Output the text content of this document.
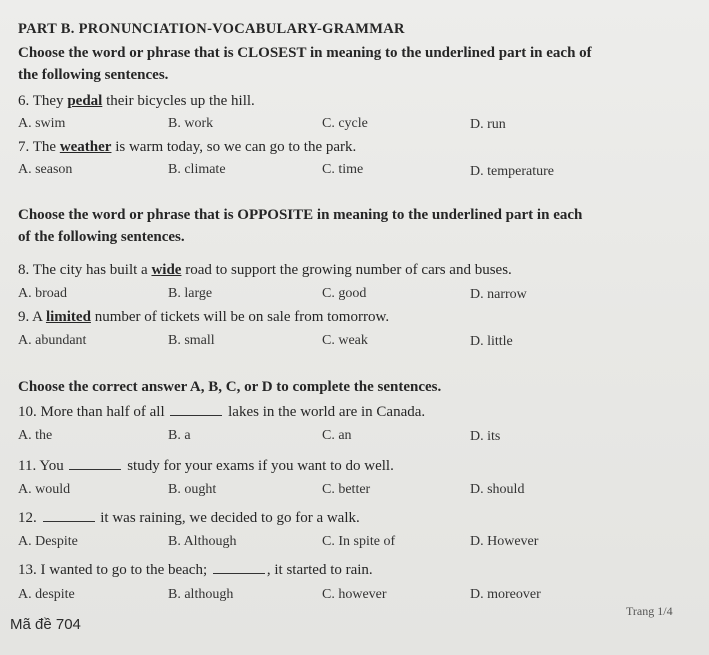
PART B. PRONUNCIATION-VOCABULARY-GRAMMAR
Choose the word or phrase that is CLOSEST in meaning to the underlined part in each of
the following sentences.
6. They pedal their bicycles up the hill.
A. swim	B. work	C. cycle	D. run
7. The weather is warm today, so we can go to the park.
A. season	B. climate	C. time	D. temperature
Choose the word or phrase that is OPPOSITE in meaning to the underlined part in each
of the following sentences.
8. The city has built a wide road to support the growing number of cars and buses.
A. broad	B. large	C. good	D. narrow
9. A limited number of tickets will be on sale from tomorrow.
A. abundant	B. small	C. weak	D. little
Choose the correct answer A, B, C, or D to complete the sentences.
10. More than half of all	lakes in the world are in Canada.
A. the	B. a	C. an	D. its
11. You	study for your exams if you want to do well.
A. would	B. ought	C. better	D. should
12.	it was raining, we decided to go for a walk.
A. Despite	B. Although	C. In spite of	D. However
13. I wanted to go to the beach;	, it started to rain.
A. despite	B. although	C. however	D. moreover
Mã đề 704
Trang 1/4
